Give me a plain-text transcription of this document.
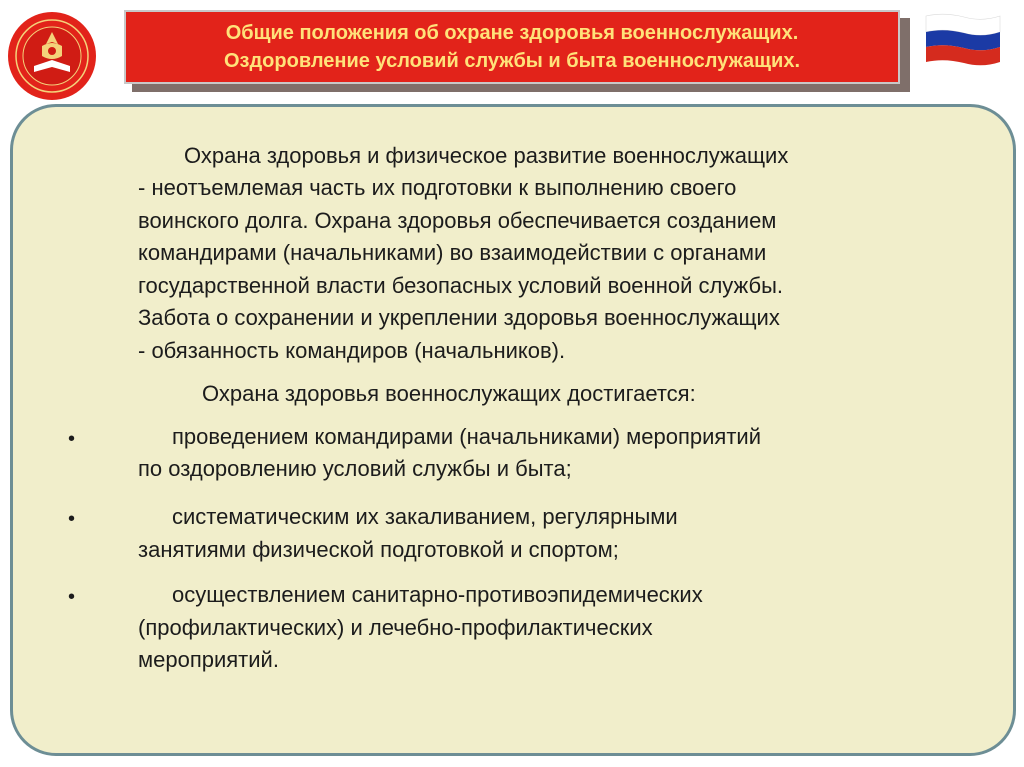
Общие положения об охране здоровья военнослужащих.
Оздоровление условий службы и быта военнослужащих.
Охрана здоровья и физическое развитие военнослужащих
- неотъемлемая часть их подготовки к выполнению своего
воинского долга. Охрана здоровья обеспечивается созданием
командирами (начальниками) во взаимодействии с органами
государственной власти безопасных условий военной службы.
Забота о сохранении и укреплении здоровья военнослужащих
- обязанность командиров (начальников).
Охрана здоровья военнослужащих достигается:
•	проведением командирами (начальниками) мероприятий
по оздоровлению условий службы и быта;
•	систематическим их закаливанием, регулярными
занятиями физической подготовкой и спортом;
•	осуществлением санитарно-противоэпидемических
(профилактических) и лечебно-профилактических
мероприятий.
